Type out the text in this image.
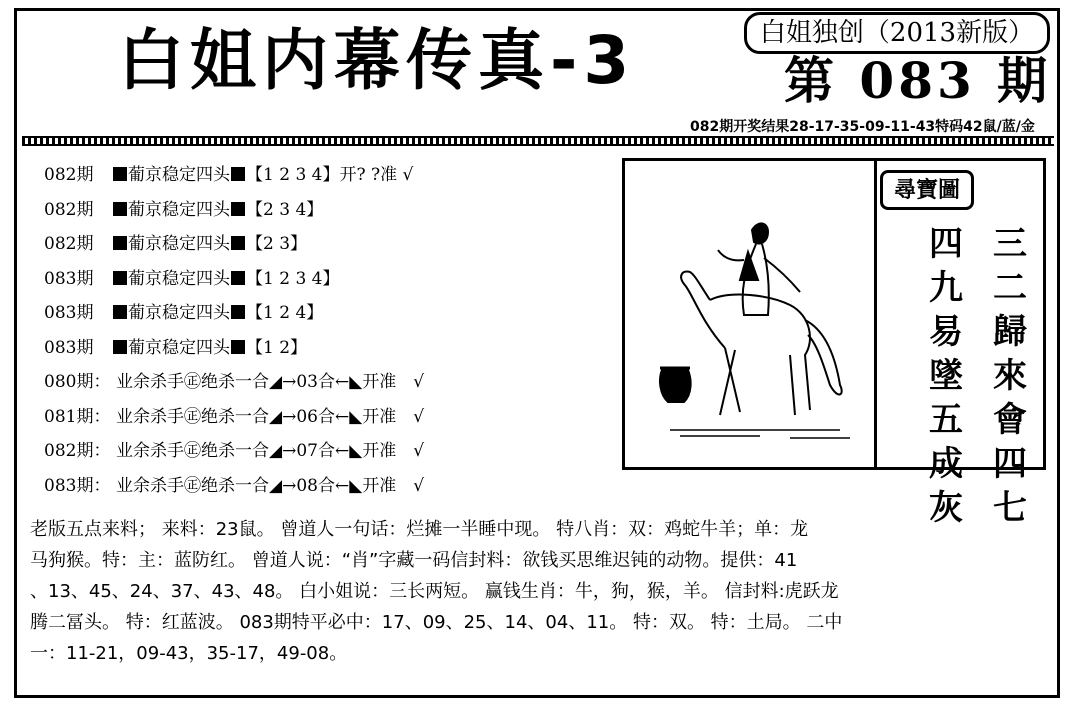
白姐内幕传真-3	白姐独创（2013新版）
第 083 期
082期开奖结果28-17-35-09-11-43特码42鼠/蓝/金
082期 葡京稳定四头 【1 2 3 4】开? ?准 √
082期 葡京稳定四头 【2 3 4】
082期 葡京稳定四头 【2 3】
083期 葡京稳定四头 【1 2 3 4】
083期 葡京稳定四头 【1 2 4】
083期 葡京稳定四头 【1 2】
080期： 业余杀手㊣绝杀一合◢→03合←◣开准　√
081期： 业余杀手㊣绝杀一合◢→06合←◣开准　√
082期： 业余杀手㊣绝杀一合◢→07合←◣开准　√
083期： 业余杀手㊣绝杀一合◢→08合←◣开准　√
尋寶圖
三二歸來會四七
四九易墜五成灰
老版五点来料； 来料：23鼠。 曾道人一句话：烂摊一半睡中现。 特八肖：双：鸡蛇牛羊；单：龙
马狗猴。特：主：蓝防红。 曾道人说：“肖”字藏一码信封料：欲钱买思维迟钝的动物。提供：41
、13、45、24、37、43、48。 白小姐说：三长两短。 赢钱生肖：牛，狗，猴，羊。 信封料:虎跃龙
腾二冨头。 特：红蓝波。 083期特平必中：17、09、25、14、04、11。 特：双。 特：土局。 二中
一：11-21，09-43，35-17，49-08。
